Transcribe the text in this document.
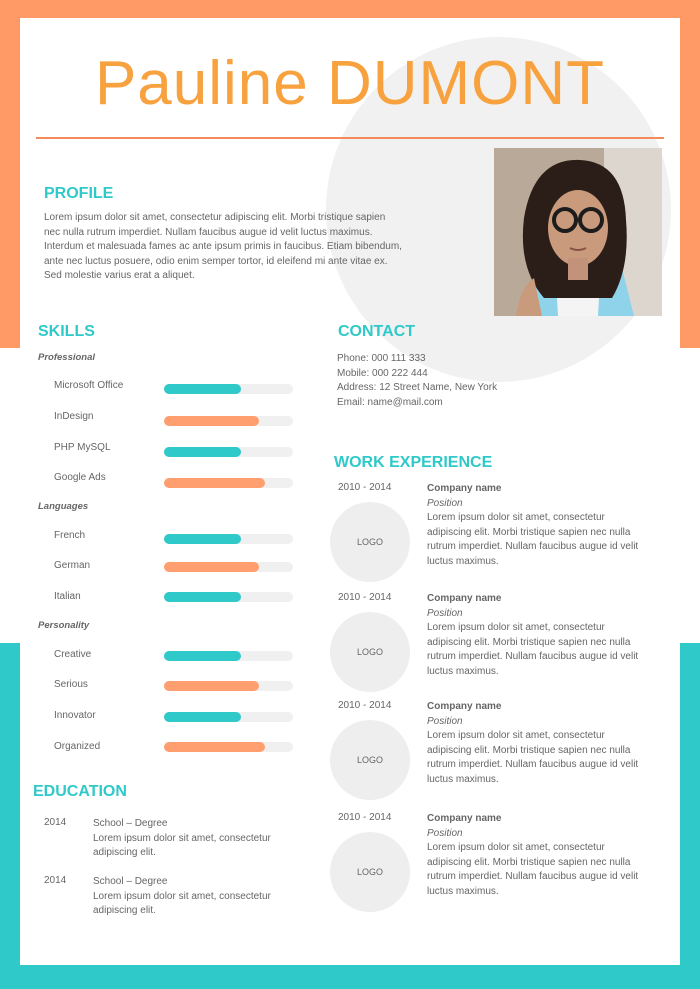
Pauline DUMONT
PROFILE
Lorem ipsum dolor sit amet, consectetur adipiscing elit. Morbi tristique sapien
nec nulla rutrum imperdiet. Nullam faucibus augue id velit luctus maximus.
Interdum et malesuada fames ac ante ipsum primis in faucibus. Etiam bibendum,
ante nec luctus posuere, odio enim semper tortor, id eleifend mi ante vitae ex.
Sed molestie varius erat a aliquet.
SKILLS
Professional
Microsoft Office
InDesign
PHP MySQL
Google Ads
Languages
French
German
Italian
Personality
Creative
Serious
Innovator
Organized
CONTACT
Phone: 000 111 333
Mobile: 000 222 444
Address: 12 Street Name, New York
Email: name@mail.com
EDUCATION
2014	School – Degree
Lorem ipsum dolor sit amet, consectetur
adipiscing elit.
2014	School – Degree
Lorem ipsum dolor sit amet, consectetur
adipiscing elit.
WORK EXPERIENCE
2010 - 2014
LOGO
Company name
Position
Lorem ipsum dolor sit amet, consectetur
adipiscing elit. Morbi tristique sapien nec nulla
rutrum imperdiet. Nullam faucibus augue id velit
luctus maximus.
2010 - 2014
LOGO
Company name
Position
Lorem ipsum dolor sit amet, consectetur
adipiscing elit. Morbi tristique sapien nec nulla
rutrum imperdiet. Nullam faucibus augue id velit
luctus maximus.
2010 - 2014
LOGO
Company name
Position
Lorem ipsum dolor sit amet, consectetur
adipiscing elit. Morbi tristique sapien nec nulla
rutrum imperdiet. Nullam faucibus augue id velit
luctus maximus.
2010 - 2014
LOGO
Company name
Position
Lorem ipsum dolor sit amet, consectetur
adipiscing elit. Morbi tristique sapien nec nulla
rutrum imperdiet. Nullam faucibus augue id velit
luctus maximus.
